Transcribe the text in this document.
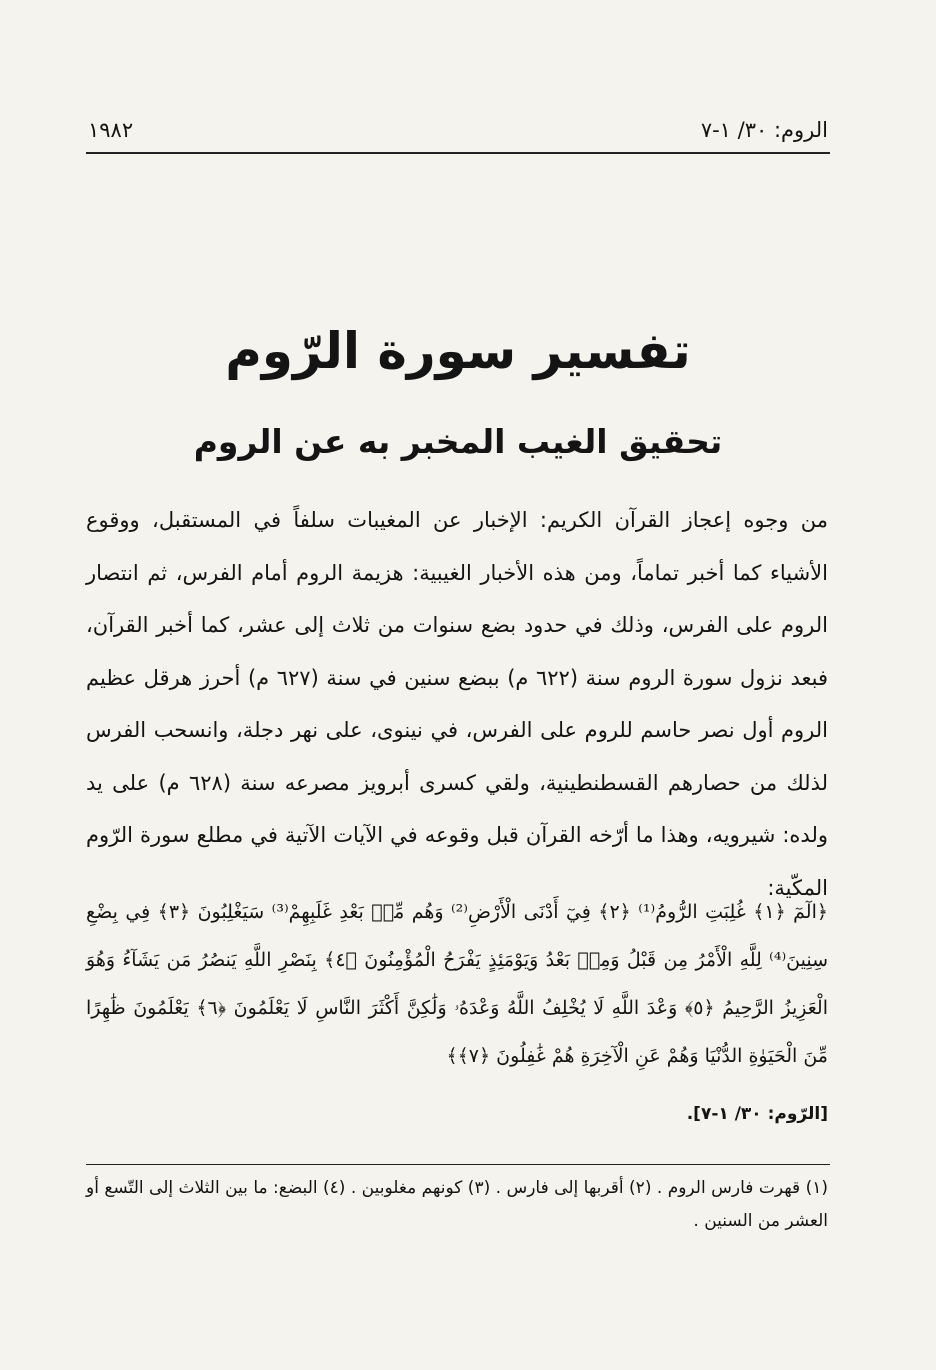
الروم: ٣٠/ ١-٧
١٩٨٢
تفسير سورة الرّوم
تحقيق الغيب المخبر به عن الروم

من وجوه إعجاز القرآن الكريم: الإخبار عن المغيبات سلفاً في المستقبل، ووقوع الأشياء كما أخبر تماماً، ومن هذه الأخبار الغيبية: هزيمة الروم أمام الفرس، ثم انتصار الروم على الفرس، وذلك في حدود بضع سنوات من ثلاث إلى عشر، كما أخبر القرآن، فبعد نزول سورة الروم سنة (٦٢٢ م) ببضع سنين في سنة (٦٢٧ م) أحرز هرقل عظيم الروم أول نصر حاسم للروم على الفرس، في نينوى، على نهر دجلة، وانسحب الفرس لذلك من حصارهم القسطنطينية، ولقي كسرى أبرويز مصرعه سنة (٦٢٨ م) على يد ولده: شيرويه، وهذا ما أرّخه القرآن قبل وقوعه في الآيات الآتية في مطلع سورة الرّوم المكّية:

﴿الٓمٓ ﴿١﴾ غُلِبَتِ الرُّومُ⁽¹⁾ ﴿٢﴾ فِيٓ أَدْنَى الْأَرْضِ⁽²⁾ وَهُم مِّنۢ بَعْدِ غَلَبِهِمْ⁽³⁾ سَيَغْلِبُونَ ﴿٣﴾ فِي بِضْعِ سِنِينَ⁽⁴⁾ لِلَّهِ الْأَمْرُ مِن قَبْلُ وَمِنۢ بَعْدُ وَيَوْمَئِذٍ يَفْرَحُ الْمُؤْمِنُونَ ﴿٤﴾ بِنَصْرِ اللَّهِ يَنصُرُ مَن يَشَآءُ وَهُوَ الْعَزِيزُ الرَّحِيمُ ﴿٥﴾ وَعْدَ اللَّهِ لَا يُخْلِفُ اللَّهُ وَعْدَهُۥ وَلَٰكِنَّ أَكْثَرَ النَّاسِ لَا يَعْلَمُونَ ﴿٦﴾ يَعْلَمُونَ ظَٰهِرًا مِّنَ الْحَيَوٰةِ الدُّنْيَا وَهُمْ عَنِ الْآخِرَةِ هُمْ غَٰفِلُونَ ﴿٧﴾﴾

[الرّوم: ٣٠/ ١-٧].

(١) قهرت فارس الروم . (٢) أقربها إلى فارس . (٣) كونهم مغلوبين . (٤) البضع: ما بين الثلاث إلى التّسع أو العشر من السنين .
